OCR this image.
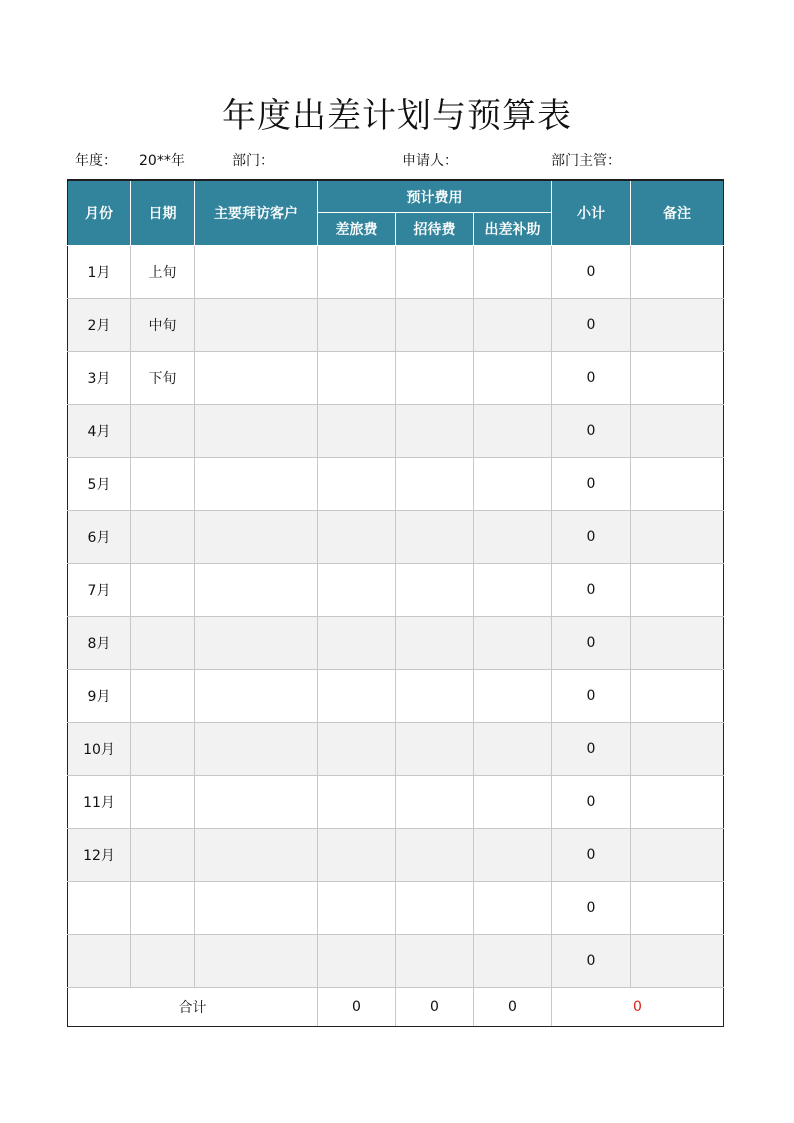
年度出差计划与预算表
年度： 20**年	部门：	申请人：	部门主管：
月份	日期	主要拜访客户	预计费用			小计	备注
			差旅费	招待费	出差补助		
1月	上旬					0	
2月	中旬					0	
3月	下旬					0	
4月						0	
5月						0	
6月						0	
7月						0	
8月						0	
9月						0	
10月						0	
11月						0	
12月						0	
						0	
						0	
合计			0	0	0	0	
